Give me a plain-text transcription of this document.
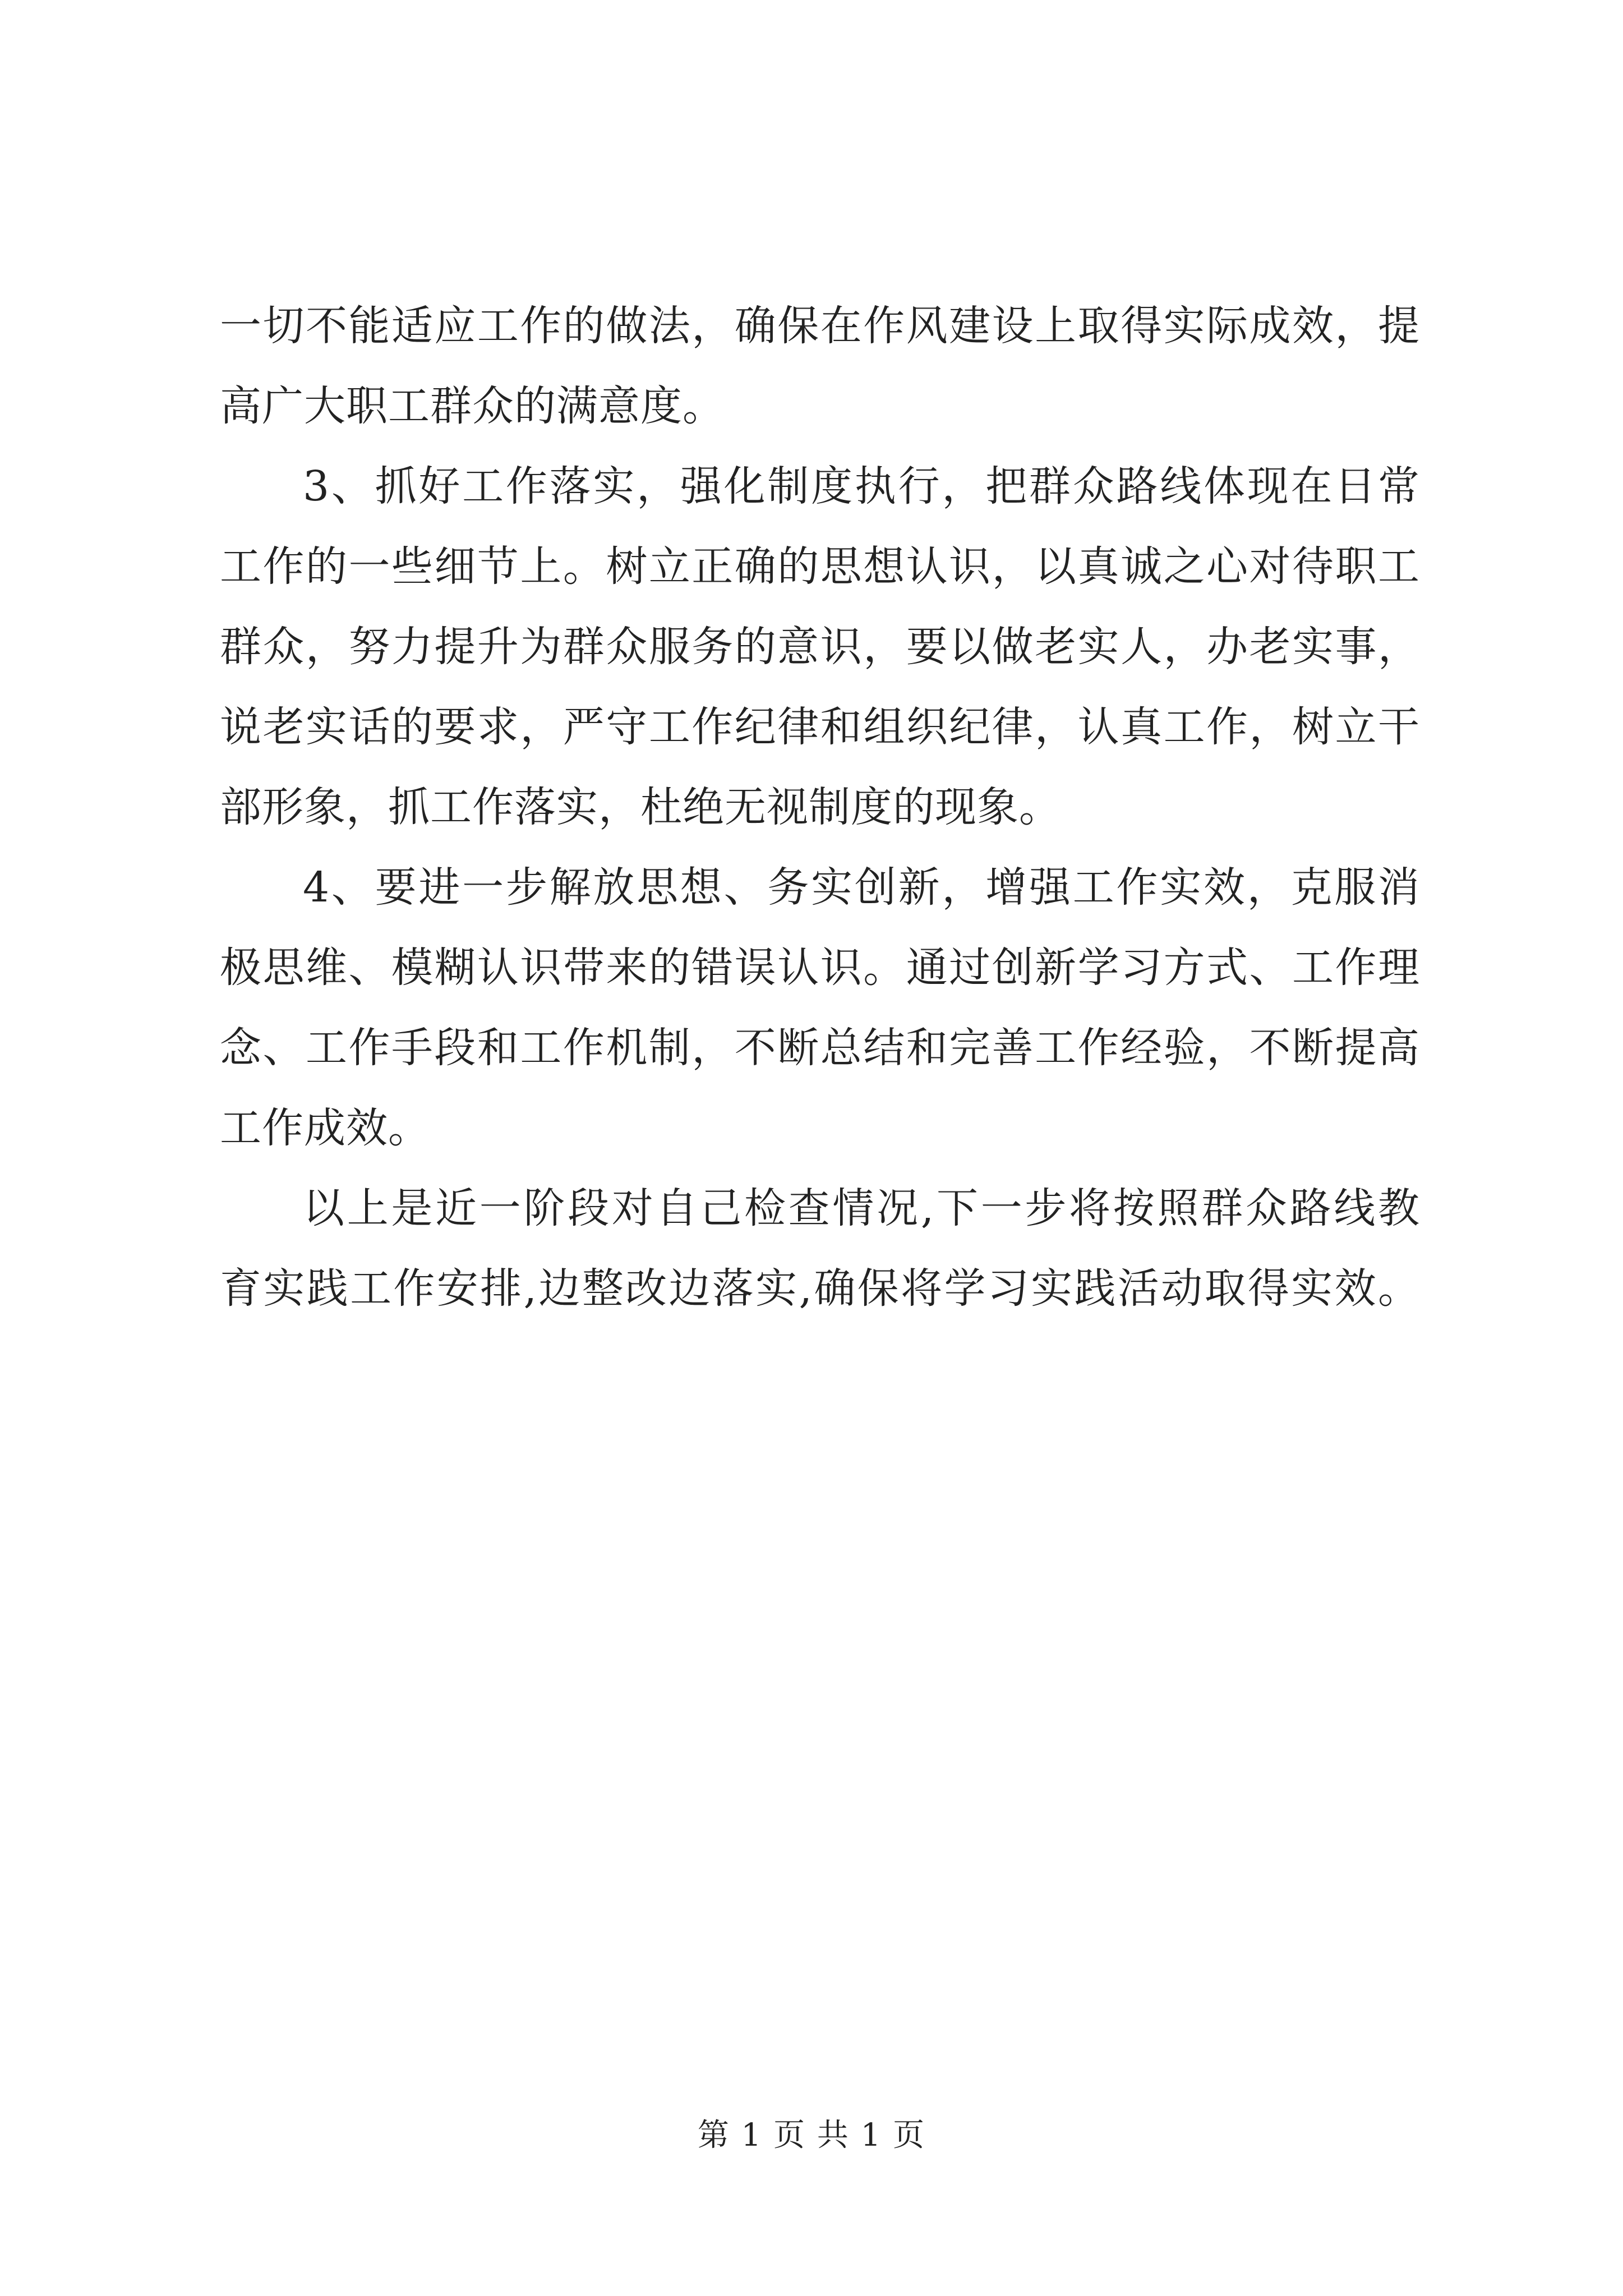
一切不能适应工作的做法，确保在作风建设上取得实际成效，提
高广大职工群众的满意度。
3、抓好工作落实，强化制度执行，把群众路线体现在日常
工作的一些细节上。树立正确的思想认识，以真诚之心对待职工
群众，努力提升为群众服务的意识，要以做老实人，办老实事，
说老实话的要求，严守工作纪律和组织纪律，认真工作，树立干
部形象，抓工作落实，杜绝无视制度的现象。
4、要进一步解放思想、务实创新，增强工作实效，克服消
极思维、模糊认识带来的错误认识。通过创新学习方式、工作理
念、工作手段和工作机制，不断总结和完善工作经验，不断提高
工作成效。
以上是近一阶段对自己检查情况,下一步将按照群众路线教
育实践工作安排,边整改边落实,确保将学习实践活动取得实效。
第 1 页 共 1 页
